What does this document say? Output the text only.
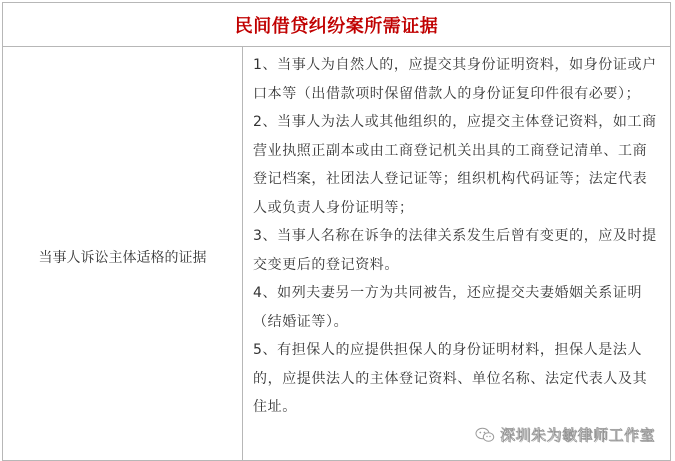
民间借贷纠纷案所需证据
当事人诉讼主体适格的证据

1、当事人为自然人的，应提交其身份证明资料，如身份证或户口本等（出借款项时保留借款人的身份证复印件很有必要）；

2、当事人为法人或其他组织的，应提交主体登记资料，如工商营业执照正副本或由工商登记机关出具的工商登记清单、工商登记档案，社团法人登记证等；组织机构代码证等；法定代表人或负责人身份证明等；

3、当事人名称在诉争的法律关系发生后曾有变更的，应及时提交变更后的登记资料。

4、如列夫妻另一方为共同被告，还应提交夫妻婚姻关系证明（结婚证等）。

5、有担保人的应提供担保人的身份证明材料，担保人是法人的，应提供法人的主体登记资料、单位名称、法定代表人及其住址。

深圳朱为敏律师工作室
